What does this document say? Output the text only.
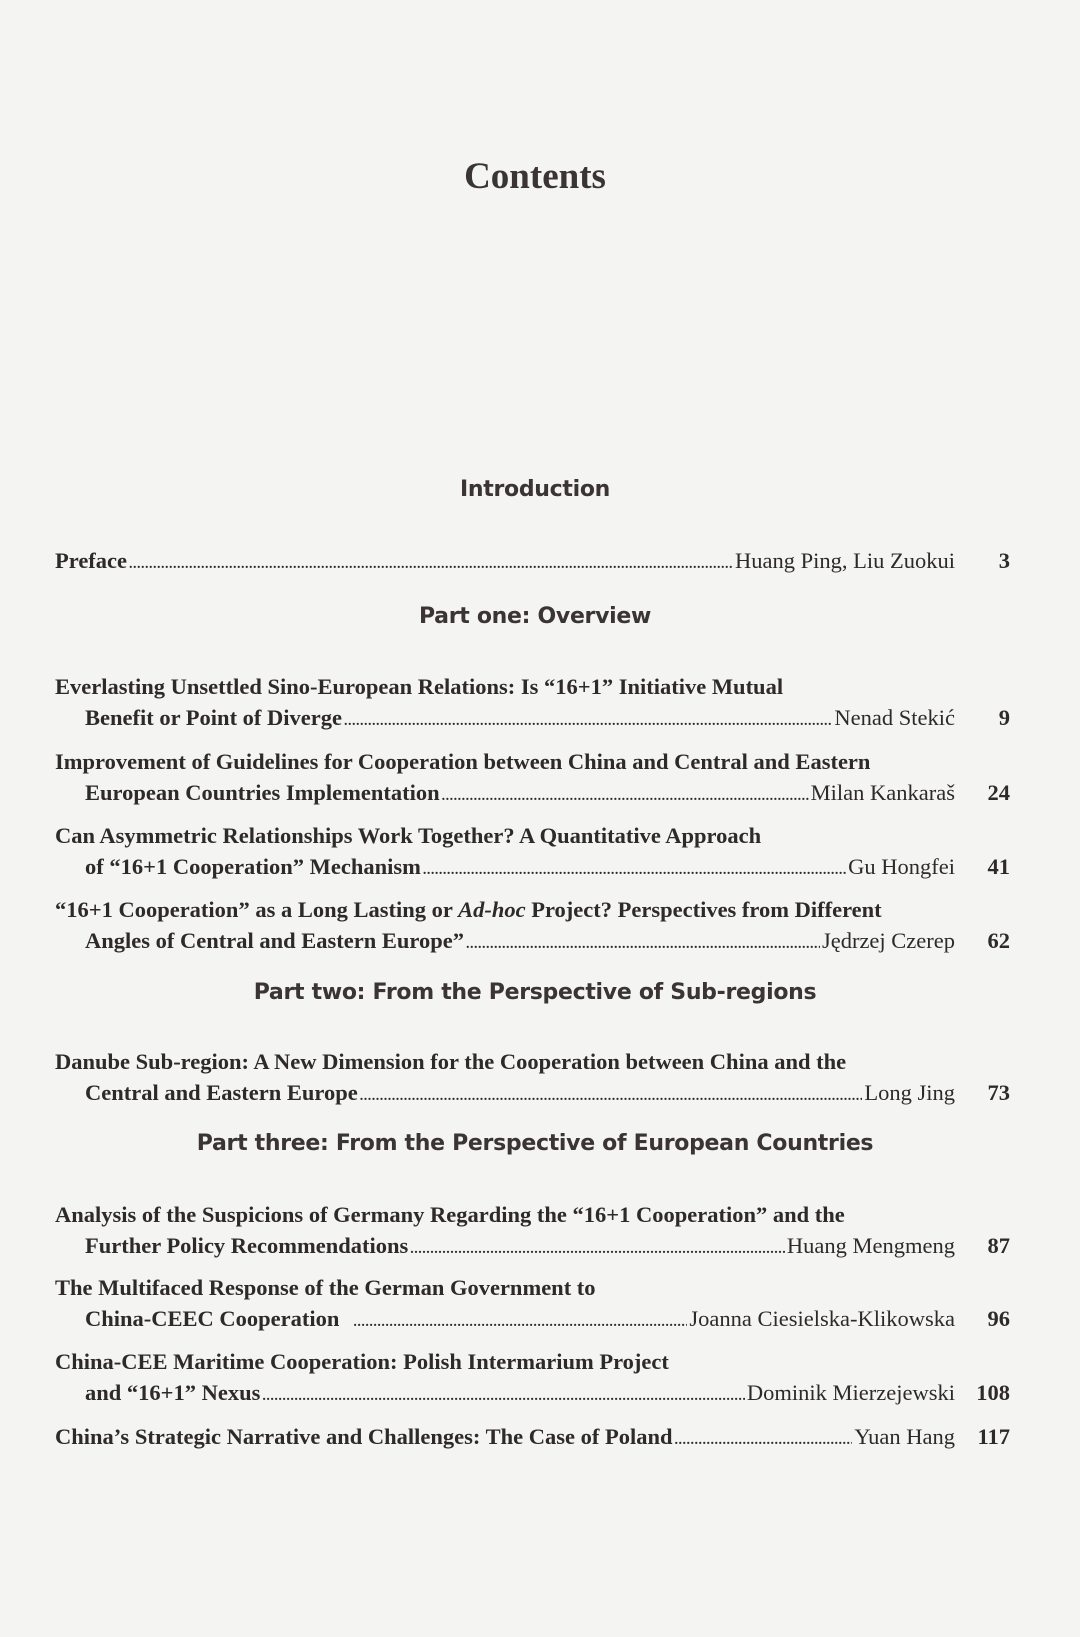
Contents
Introduction
Preface .....	Huang Ping, Liu Zuokui	3
Part one: Overview
Everlasting Unsettled Sino-European Relations: Is “16+1” Initiative Mutual
Benefit or Point of Diverge .....	Nenad Stekić	9
Improvement of Guidelines for Cooperation between China and Central and Eastern
European Countries Implementation .....	Milan Kankaraš	24
Can Asymmetric Relationships Work Together? A Quantitative Approach
of “16+1 Cooperation” Mechanism .....	Gu Hongfei	41
“16+1 Cooperation” as a Long Lasting or Ad-hoc Project? Perspectives from Different
Angles of Central and Eastern Europe” .....	Jędrzej Czerep	62
Part two: From the Perspective of Sub-regions
Danube Sub-region: A New Dimension for the Cooperation between China and the
Central and Eastern Europe .....	Long Jing	73
Part three: From the Perspective of European Countries
Analysis of the Suspicions of Germany Regarding the “16+1 Cooperation” and the
Further Policy Recommendations .....	Huang Mengmeng	87
The Multifaced Response of the German Government to
China-CEEC Cooperation .....	Joanna Ciesielska-Klikowska	96
China-CEE Maritime Cooperation: Polish Intermarium Project
and “16+1” Nexus .....	Dominik Mierzejewski 108
China’s Strategic Narrative and Challenges: The Case of Poland .....	Yuan Hang 117
